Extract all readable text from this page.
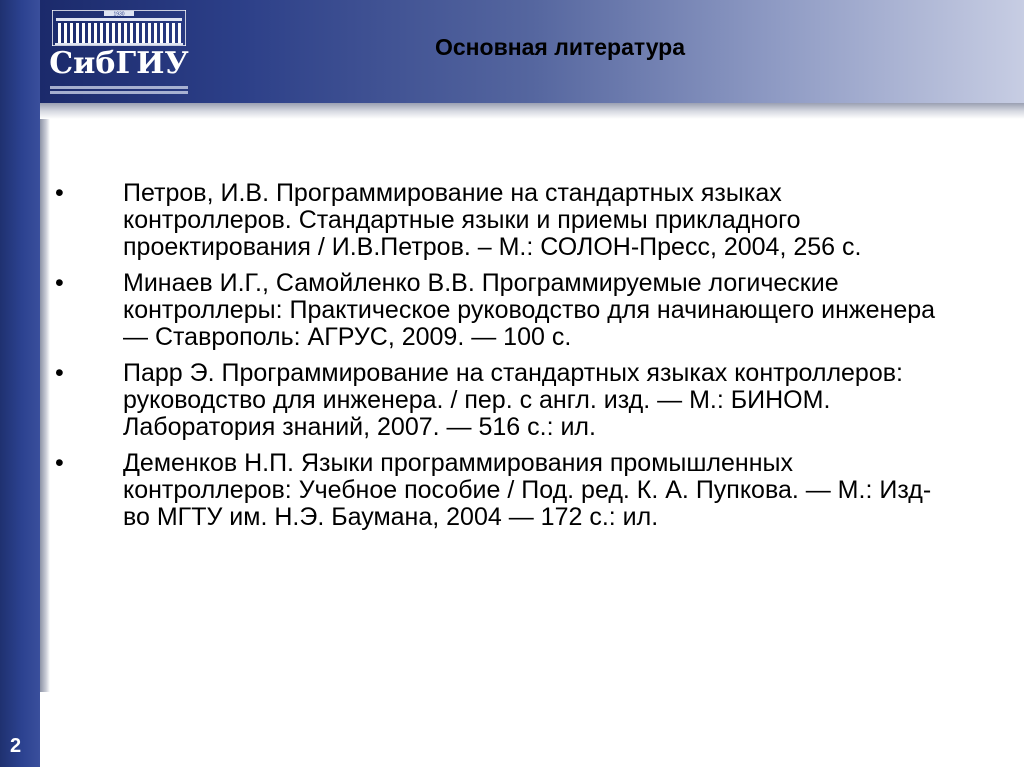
1930
СибГИУ	Основная литература
•	Петров, И.В. Программирование на стандартных языках контроллеров. Стандартные языки и приемы прикладного проектирования / И.В.Петров. – М.: СОЛОН-Пресс, 2004, 256 с.
•	Минаев И.Г., Самойленко В.В. Программируемые логические контроллеры: Практическое руководство для начинающего инженера — Ставрополь: АГРУС, 2009. — 100 с.
•	Парр Э. Программирование на стандартных языках контроллеров: руководство для инженера. / пер. с англ. изд. — М.: БИНОМ. Лаборатория знаний, 2007. — 516 с.: ил.
•	Деменков Н.П. Языки программирования промышленных контроллеров: Учебное пособие / Под. ред. К. А. Пупкова. — М.: Изд-во МГТУ им. Н.Э. Баумана, 2004 — 172 с.: ил.
2
